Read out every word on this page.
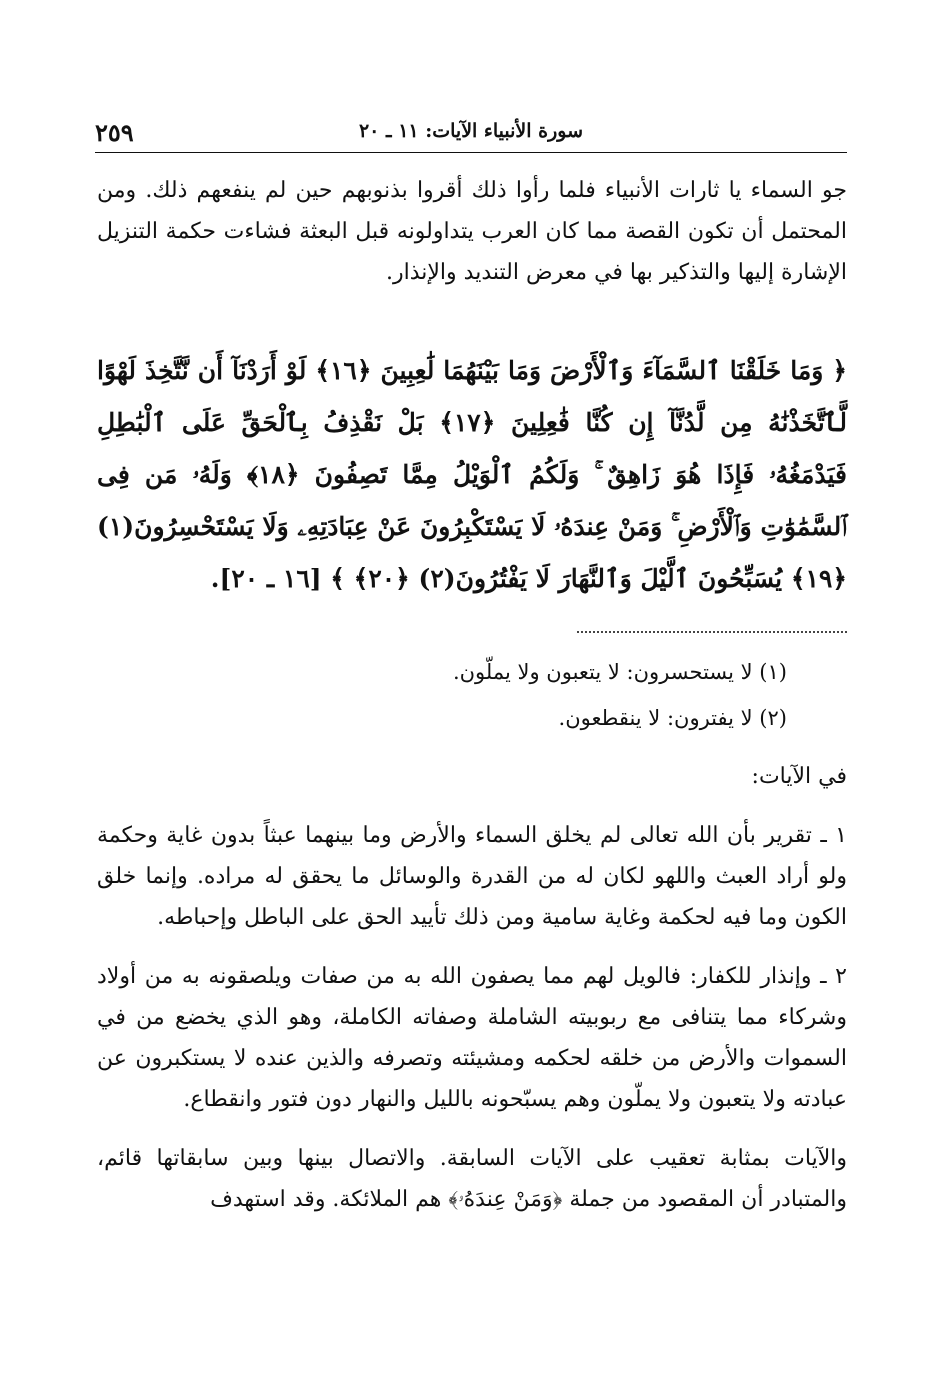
٢٥٩	سورة الأنبياء الآيات: ١١ ـ ٢٠

جو السماء يا ثارات الأنبياء فلما رأوا ذلك أقروا بذنوبهم حين لم ينفعهم ذلك. ومن المحتمل أن تكون القصة مما كان العرب يتداولونه قبل البعثة فشاءت حكمة التنزيل الإشارة إليها والتذكير بها في معرض التنديد والإنذار.

﴿ وَمَا خَلَقْنَا ٱلسَّمَآءَ وَٱلْأَرْضَ وَمَا بَيْنَهُمَا لَٰعِبِينَ ﴿١٦﴾ لَوْ أَرَدْنَآ أَن نَّتَّخِذَ لَهْوًا لَّٱتَّخَذْنَٰهُ مِن لَّدُنَّآ إِن كُنَّا فَٰعِلِينَ ﴿١٧﴾ بَلْ نَقْذِفُ بِٱلْحَقِّ عَلَى ٱلْبَٰطِلِ فَيَدْمَغُهُۥ فَإِذَا هُوَ زَاهِقٌ ۚ وَلَكُمُ ٱلْوَيْلُ مِمَّا تَصِفُونَ ﴿١٨﴾ وَلَهُۥ مَن فِى ٱلسَّمَٰوَٰتِ وَٱلْأَرْضِ ۚ وَمَنْ عِندَهُۥ لَا يَسْتَكْبِرُونَ عَنْ عِبَادَتِهِۦ وَلَا يَسْتَحْسِرُونَ(١) ﴿١٩﴾ يُسَبِّحُونَ ٱلَّيْلَ وَٱلنَّهَارَ لَا يَفْتُرُونَ(٢) ﴿٢٠﴾ ﴾ [١٦ ـ ٢٠].

(١) لا يستحسرون: لا يتعبون ولا يملّون.

(٢) لا يفترون: لا ينقطعون.

في الآيات:

١ ـ تقرير بأن الله تعالى لم يخلق السماء والأرض وما بينهما عبثاً بدون غاية وحكمة ولو أراد العبث واللهو لكان له من القدرة والوسائل ما يحقق له مراده. وإنما خلق الكون وما فيه لحكمة وغاية سامية ومن ذلك تأييد الحق على الباطل وإحباطه.

٢ ـ وإنذار للكفار: فالويل لهم مما يصفون الله به من صفات ويلصقونه به من أولاد وشركاء مما يتنافى مع ربوبيته الشاملة وصفاته الكاملة، وهو الذي يخضع من في السموات والأرض من خلقه لحكمه ومشيئته وتصرفه والذين عنده لا يستكبرون عن عبادته ولا يتعبون ولا يملّون وهم يسبّحونه بالليل والنهار دون فتور وانقطاع.

والآيات بمثابة تعقيب على الآيات السابقة. والاتصال بينها وبين سابقاتها قائم، والمتبادر أن المقصود من جملة ﴿وَمَنْ عِندَهُۥ﴾ هم الملائكة. وقد استهدف
